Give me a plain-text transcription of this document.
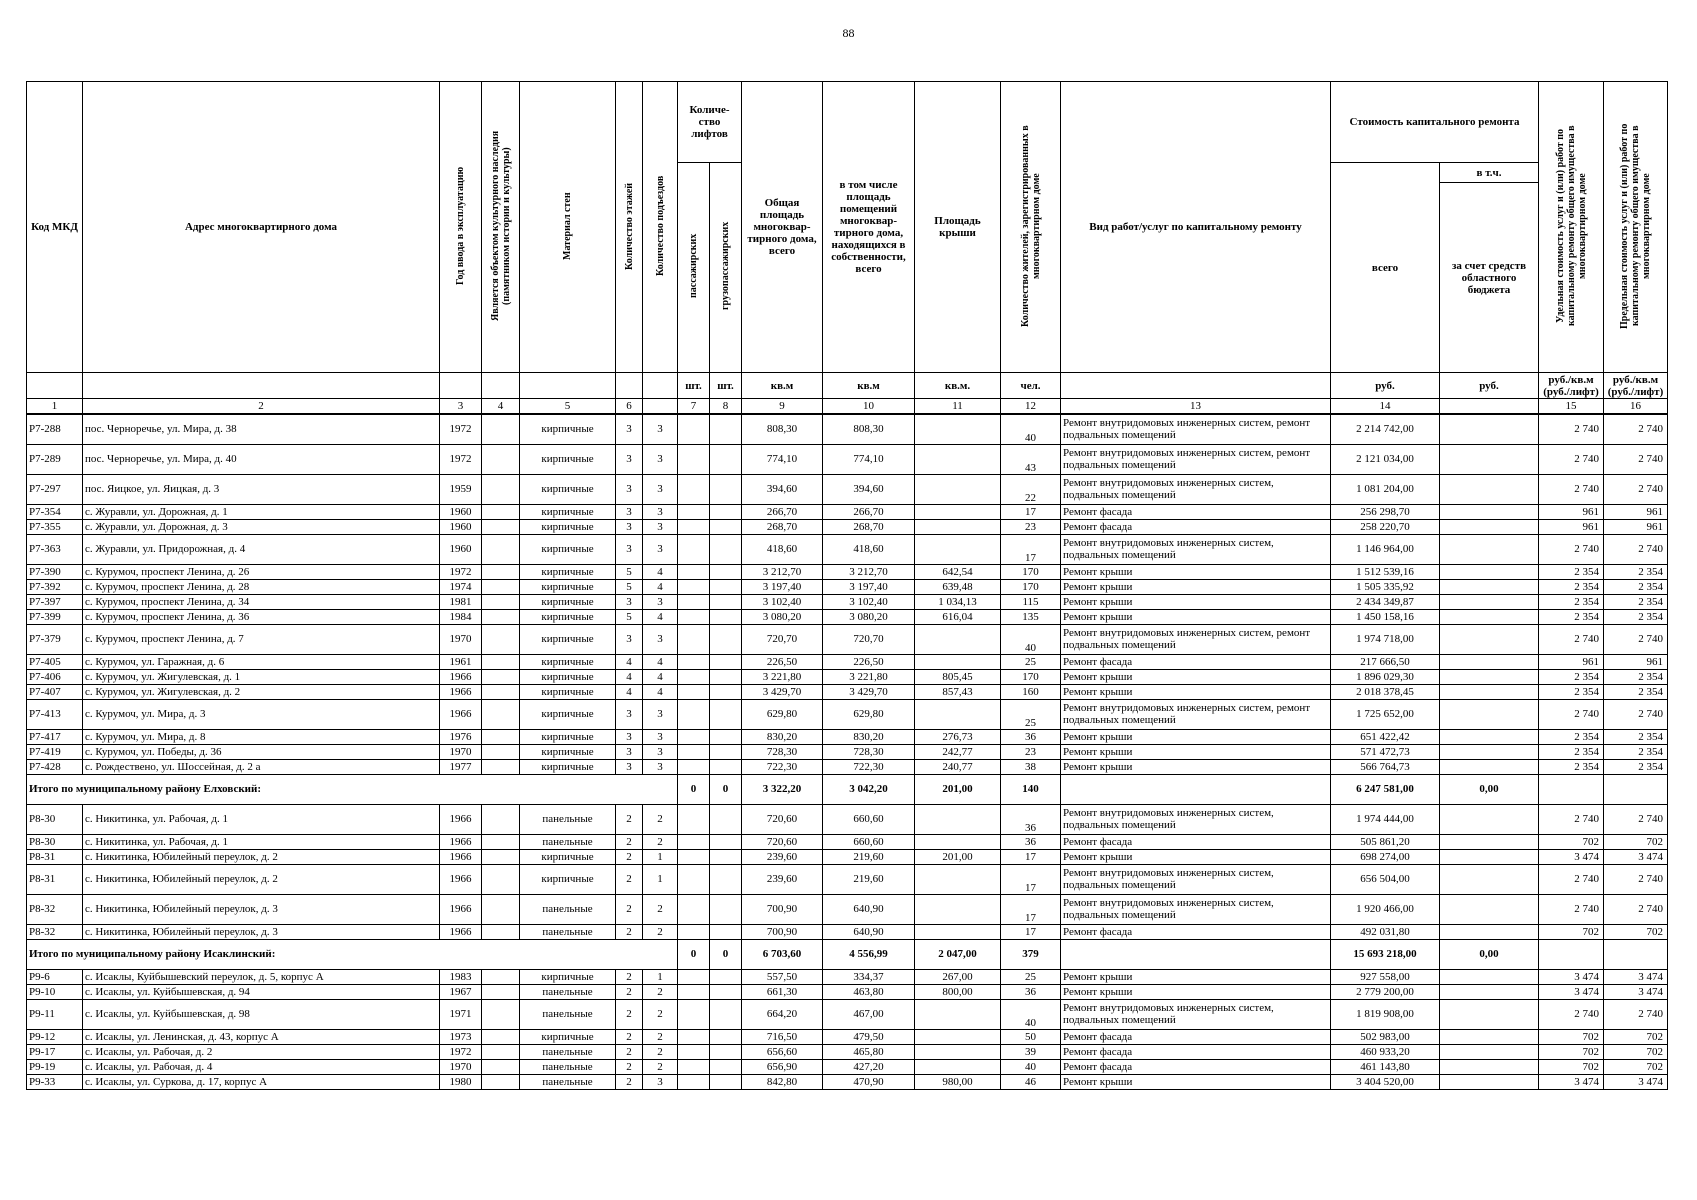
88
Код МКД	Адрес многоквартирного дома	Год ввода в эксплуатацию	Является объектом культурного наследия (памятником истории и культуры)	Материал стен	Количество этажей	Количество подъездов	Количе-ство лифтов		Общая площадь многоквар-тирного дома, всего	в том числе площадь помещений многоквар-тирного дома, находящихся в собственности, всего	Площадь крыши	Количество жителей, зарегистрированных в многоквартирном доме	Вид работ/услуг по капитальному ремонту	Стоимость капитального ремонта		Удельная стоимость услуг и (или) работ по капитальному ремонту общего имущества в многоквартирном доме	Предельная стоимость услуг и (или) работ по капитальному ремонту общего имущества в многоквартирном доме
							пассажирских	грузопассажирских						всего	в т.ч.		
															за счет средств областного бюджета		
							шт.	шт.	кв.м	кв.м	кв.м.	чел.		руб.	руб.	руб./кв.м (руб./лифт)	руб./кв.м (руб./лифт)
1	2	3	4	5	6		7	8	9	10	11	12	13	14		15	16
Р7-288	пос. Черноречье, ул. Мира, д. 38	1972		кирпичные	3	3			808,30	808,30		40	Ремонт внутридомовых инженерных систем, ремонт подвальных помещений	2 214 742,00		2 740	2 740
Р7-289	пос. Черноречье, ул. Мира, д. 40	1972		кирпичные	3	3			774,10	774,10		43	Ремонт внутридомовых инженерных систем, ремонт подвальных помещений	2 121 034,00		2 740	2 740
Р7-297	пос. Яицкое, ул. Яицкая, д. 3	1959		кирпичные	3	3			394,60	394,60		22	Ремонт внутридомовых инженерных систем, подвальных помещений	1 081 204,00		2 740	2 740
Р7-354	с. Журавли, ул. Дорожная, д. 1	1960		кирпичные	3	3			266,70	266,70		17	Ремонт фасада	256 298,70		961	961
Р7-355	с. Журавли, ул. Дорожная, д. 3	1960		кирпичные	3	3			268,70	268,70		23	Ремонт фасада	258 220,70		961	961
Р7-363	с. Журавли, ул. Придорожная, д. 4	1960		кирпичные	3	3			418,60	418,60		17	Ремонт внутридомовых инженерных систем, подвальных помещений	1 146 964,00		2 740	2 740
Р7-390	с. Курумоч, проспект Ленина, д. 26	1972		кирпичные	5	4			3 212,70	3 212,70	642,54	170	Ремонт крыши	1 512 539,16		2 354	2 354
Р7-392	с. Курумоч, проспект Ленина, д. 28	1974		кирпичные	5	4			3 197,40	3 197,40	639,48	170	Ремонт крыши	1 505 335,92		2 354	2 354
Р7-397	с. Курумоч, проспект Ленина, д. 34	1981		кирпичные	3	3			3 102,40	3 102,40	1 034,13	115	Ремонт крыши	2 434 349,87		2 354	2 354
Р7-399	с. Курумоч, проспект Ленина, д. 36	1984		кирпичные	5	4			3 080,20	3 080,20	616,04	135	Ремонт крыши	1 450 158,16		2 354	2 354
Р7-379	с. Курумоч, проспект Ленина, д. 7	1970		кирпичные	3	3			720,70	720,70		40	Ремонт внутридомовых инженерных систем, ремонт подвальных помещений	1 974 718,00		2 740	2 740
Р7-405	с. Курумоч, ул. Гаражная, д. 6	1961		кирпичные	4	4			226,50	226,50		25	Ремонт фасада	217 666,50		961	961
Р7-406	с. Курумоч, ул. Жигулевская, д. 1	1966		кирпичные	4	4			3 221,80	3 221,80	805,45	170	Ремонт крыши	1 896 029,30		2 354	2 354
Р7-407	с. Курумоч, ул. Жигулевская, д. 2	1966		кирпичные	4	4			3 429,70	3 429,70	857,43	160	Ремонт крыши	2 018 378,45		2 354	2 354
Р7-413	с. Курумоч, ул. Мира, д. 3	1966		кирпичные	3	3			629,80	629,80		25	Ремонт внутридомовых инженерных систем, ремонт подвальных помещений	1 725 652,00		2 740	2 740
Р7-417	с. Курумоч, ул. Мира, д. 8	1976		кирпичные	3	3			830,20	830,20	276,73	36	Ремонт крыши	651 422,42		2 354	2 354
Р7-419	с. Курумоч, ул. Победы, д. 36	1970		кирпичные	3	3			728,30	728,30	242,77	23	Ремонт крыши	571 472,73		2 354	2 354
Р7-428	с. Рождествено, ул. Шоссейная, д. 2 а	1977		кирпичные	3	3			722,30	722,30	240,77	38	Ремонт крыши	566 764,73		2 354	2 354
Итого по муниципальному району Елховский:							0	0	3 322,20	3 042,20	201,00	140		6 247 581,00	0,00		
Р8-30	с. Никитинка, ул. Рабочая, д. 1	1966		панельные	2	2			720,60	660,60		36	Ремонт внутридомовых инженерных систем, подвальных помещений	1 974 444,00		2 740	2 740
Р8-30	с. Никитинка, ул. Рабочая, д. 1	1966		панельные	2	2			720,60	660,60		36	Ремонт фасада	505 861,20		702	702
Р8-31	с. Никитинка, Юбилейный переулок, д. 2	1966		кирпичные	2	1			239,60	219,60	201,00	17	Ремонт крыши	698 274,00		3 474	3 474
Р8-31	с. Никитинка, Юбилейный переулок, д. 2	1966		кирпичные	2	1			239,60	219,60		17	Ремонт внутридомовых инженерных систем, подвальных помещений	656 504,00		2 740	2 740
Р8-32	с. Никитинка, Юбилейный переулок, д. 3	1966		панельные	2	2			700,90	640,90		17	Ремонт внутридомовых инженерных систем, подвальных помещений	1 920 466,00		2 740	2 740
Р8-32	с. Никитинка, Юбилейный переулок, д. 3	1966		панельные	2	2			700,90	640,90		17	Ремонт фасада	492 031,80		702	702
Итого по муниципальному району Исаклинский:							0	0	6 703,60	4 556,99	2 047,00	379		15 693 218,00	0,00		
Р9-6	с. Исаклы, Куйбышевский переулок, д. 5, корпус А	1983		кирпичные	2	1			557,50	334,37	267,00	25	Ремонт крыши	927 558,00		3 474	3 474
Р9-10	с. Исаклы, ул. Куйбышевская, д. 94	1967		панельные	2	2			661,30	463,80	800,00	36	Ремонт крыши	2 779 200,00		3 474	3 474
Р9-11	с. Исаклы, ул. Куйбышевская, д. 98	1971		панельные	2	2			664,20	467,00		40	Ремонт внутридомовых инженерных систем, подвальных помещений	1 819 908,00		2 740	2 740
Р9-12	с. Исаклы, ул. Ленинская, д. 43, корпус А	1973		кирпичные	2	2			716,50	479,50		50	Ремонт фасада	502 983,00		702	702
Р9-17	с. Исаклы, ул. Рабочая, д. 2	1972		панельные	2	2			656,60	465,80		39	Ремонт фасада	460 933,20		702	702
Р9-19	с. Исаклы, ул. Рабочая, д. 4	1970		панельные	2	2			656,90	427,20		40	Ремонт фасада	461 143,80		702	702
Р9-33	с. Исаклы, ул. Суркова, д. 17, корпус А	1980		панельные	2	3			842,80	470,90	980,00	46	Ремонт крыши	3 404 520,00		3 474	3 474
